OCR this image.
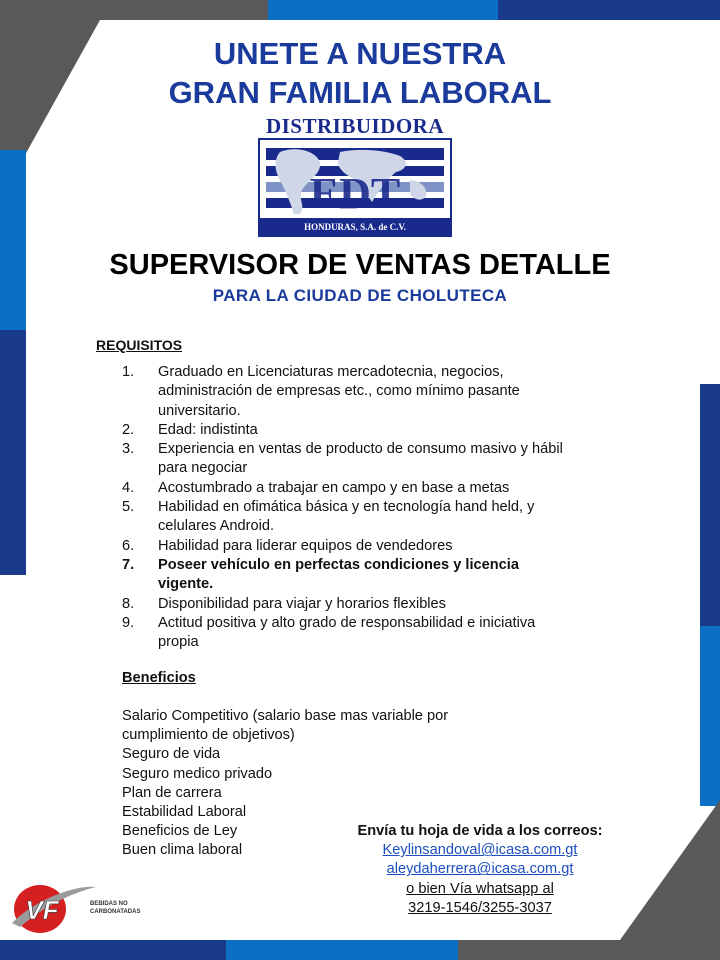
UNETE A NUESTRA
GRAN FAMILIA LABORAL
DISTRIBUIDORA
EDT
HONDURAS, S.A. de C.V.
SUPERVISOR DE VENTAS DETALLE
PARA LA CIUDAD DE CHOLUTECA
REQUISITOS
1. Graduado en Licenciaturas mercadotecnia, negocios, administración de empresas etc., como mínimo pasante universitario.
2. Edad: indistinta
3. Experiencia en ventas de producto de consumo masivo y hábil para negociar
4. Acostumbrado a trabajar en campo y en base a metas
5. Habilidad en ofimática básica y en tecnología hand held, y celulares Android.
6. Habilidad para liderar equipos de vendedores
7. Poseer vehículo en perfectas condiciones y licencia vigente.
8. Disponibilidad para viajar y horarios flexibles
9. Actitud positiva y alto grado de responsabilidad e iniciativa propia
Beneficios
Salario Competitivo (salario base mas variable por
cumplimiento de objetivos)
Seguro de vida
Seguro medico privado
Plan de carrera
Estabilidad Laboral
Beneficios de Ley
Buen clima laboral
Envía tu hoja de vida a los correos:
Keylinsandoval@icasa.com.gt
aleydaherrera@icasa.com.gt
o bien Vía whatsapp al
3219-1546/3255-3037
VF	BEBIDAS NO
CARBONATADAS
